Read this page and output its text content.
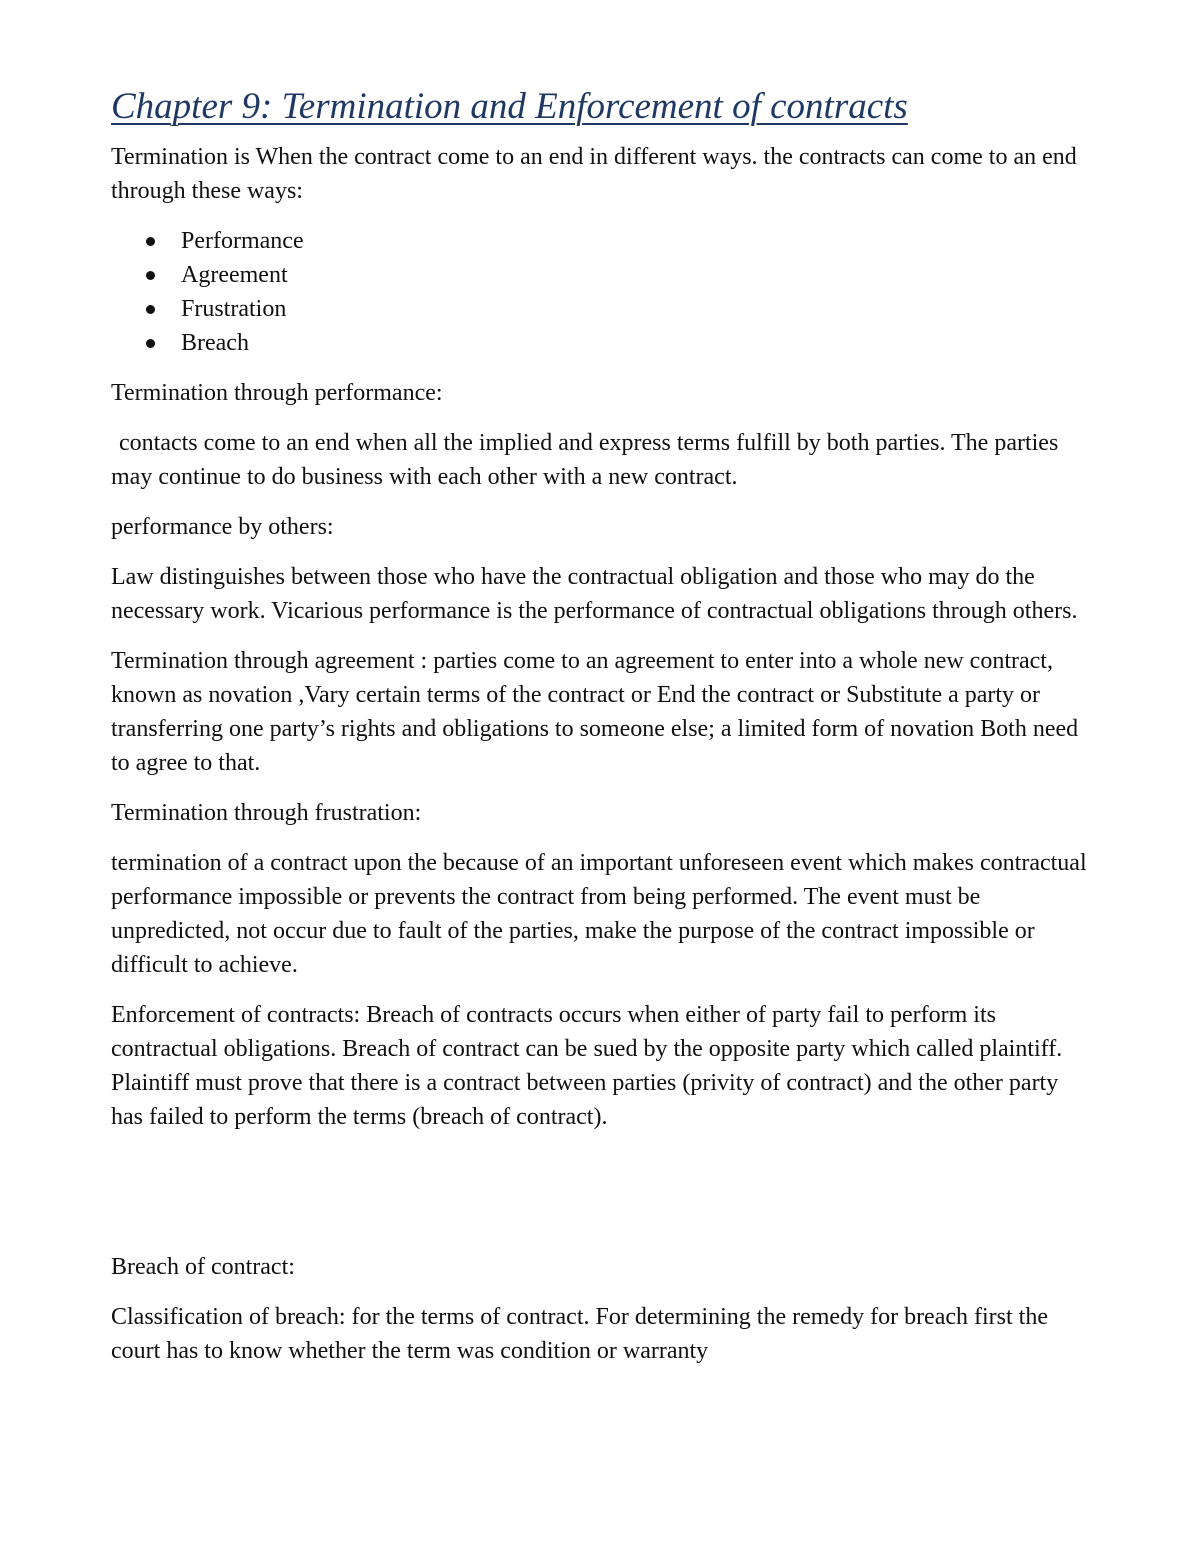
Chapter 9: Termination and Enforcement of contracts

Termination is When the contract come to an end in different ways. the contracts can come to an end through these ways:

Performance
Agreement
Frustration
Breach

Termination through performance:

contacts come to an end when all the implied and express terms fulfill by both parties. The parties may continue to do business with each other with a new contract.

performance by others:

Law distinguishes between those who have the contractual obligation and those who may do the necessary work. Vicarious performance is the performance of contractual obligations through others.

Termination through agreement : parties come to an agreement to enter into a whole new contract, known as novation ,Vary certain terms of the contract or End the contract or Substitute a party or transferring one party’s rights and obligations to someone else; a limited form of novation Both need to agree to that.

Termination through frustration:

termination of a contract upon the because of an important unforeseen event which makes contractual performance impossible or prevents the contract from being performed. The event must be unpredicted, not occur due to fault of the parties, make the purpose of the contract impossible or difficult to achieve.

Enforcement of contracts: Breach of contracts occurs when either of party fail to perform its contractual obligations. Breach of contract can be sued by the opposite party which called plaintiff. Plaintiff must prove that there is a contract between parties (privity of contract) and the other party has failed to perform the terms (breach of contract).

Breach of contract:

Classification of breach: for the terms of contract. For determining the remedy for breach first the court has to know whether the term was condition or warranty
